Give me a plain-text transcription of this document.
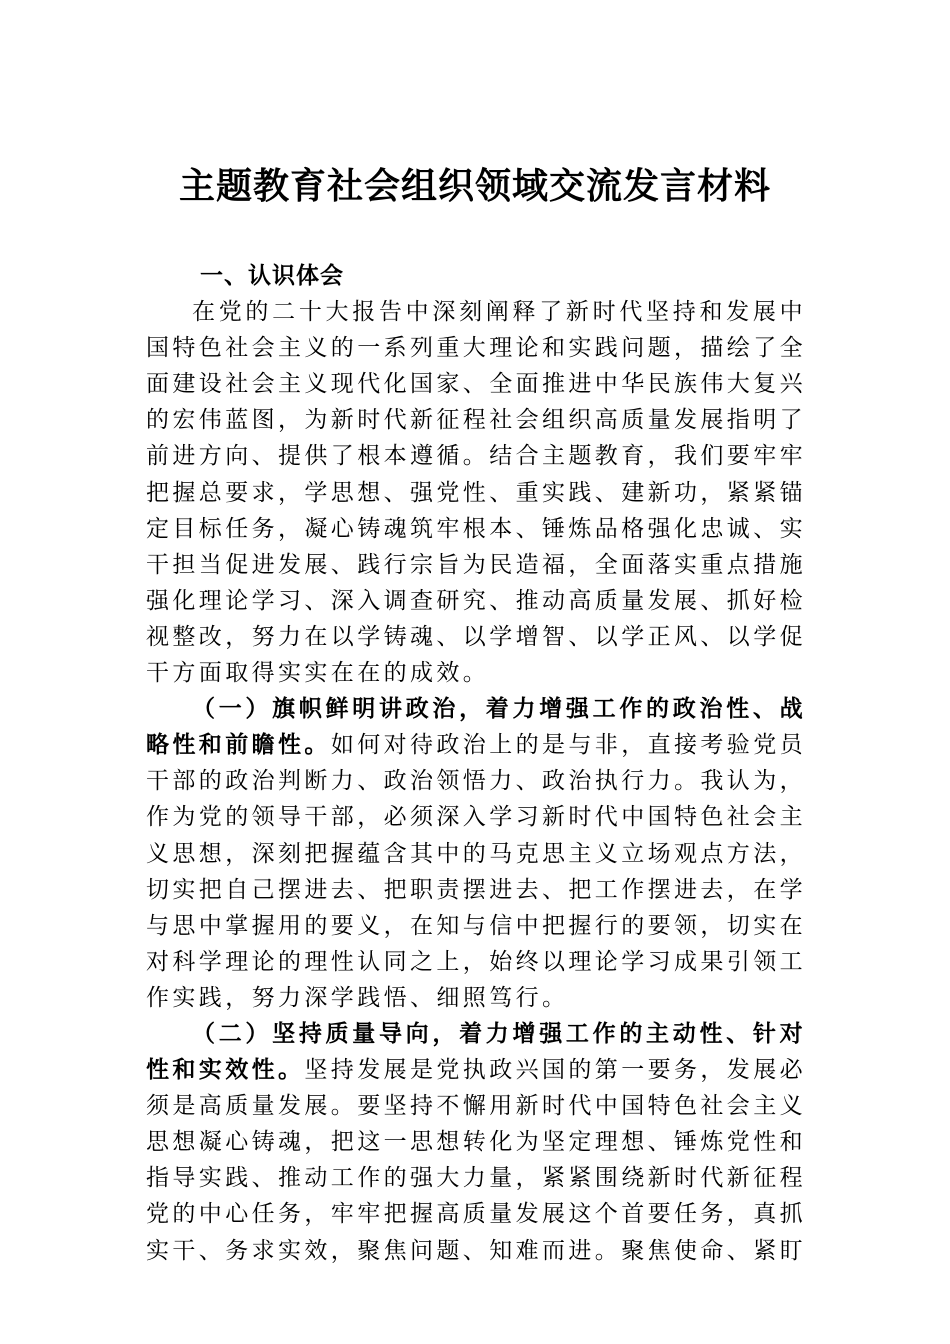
主题教育社会组织领域交流发言材料

一、认识体会

在党的二十大报告中深刻阐释了新时代坚持和发展中国特色社会主义的一系列重大理论和实践问题，描绘了全面建设社会主义现代化国家、全面推进中华民族伟大复兴的宏伟蓝图，为新时代新征程社会组织高质量发展指明了前进方向、提供了根本遵循。结合主题教育，我们要牢牢把握总要求，学思想、强党性、重实践、建新功，紧紧锚定目标任务，凝心铸魂筑牢根本、锤炼品格强化忠诚、实干担当促进发展、践行宗旨为民造福，全面落实重点措施强化理论学习、深入调查研究、推动高质量发展、抓好检视整改，努力在以学铸魂、以学增智、以学正风、以学促干方面取得实实在在的成效。

（一）旗帜鲜明讲政治，着力增强工作的政治性、战略性和前瞻性。如何对待政治上的是与非，直接考验党员干部的政治判断力、政治领悟力、政治执行力。我认为，作为党的领导干部，必须深入学习新时代中国特色社会主义思想，深刻把握蕴含其中的马克思主义立场观点方法，切实把自己摆进去、把职责摆进去、把工作摆进去，在学与思中掌握用的要义，在知与信中把握行的要领，切实在对科学理论的理性认同之上，始终以理论学习成果引领工作实践，努力深学践悟、细照笃行。

（二）坚持质量导向，着力增强工作的主动性、针对性和实效性。坚持发展是党执政兴国的第一要务，发展必须是高质量发展。要坚持不懈用新时代中国特色社会主义思想凝心铸魂，把这一思想转化为坚定理想、锤炼党性和指导实践、推动工作的强大力量，紧紧围绕新时代新征程党的中心任务，牢牢把握高质量发展这个首要任务，真抓实干、务求实效，聚焦问题、知难而进。聚焦使命、紧盯
